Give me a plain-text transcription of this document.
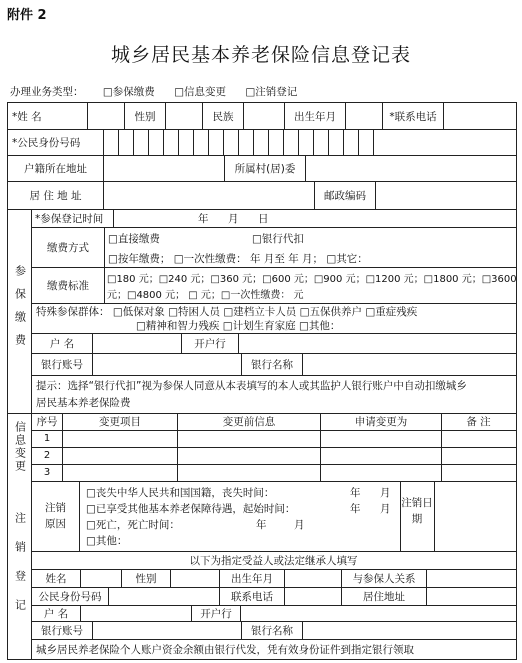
附件 2
城乡居民基本养老保险信息登记表
办理业务类型： □参保缴费 □信息变更 □注销登记
*姓 名	性别	民族	出生年月	*联系电话
*公民身份号码
户籍所在地址	所属村(居)委
居 住 地 址	邮政编码
参保缴费
*参保登记时间	年 月 日
缴费方式
□直接缴费	□银行代扣
□按年缴费； □一次性缴费： 年 月至 年 月； □其它：
缴费标准	□180 元；□240 元；□360 元；□600 元；□900 元；□1200 元；□1800 元；□3600
元；□4800 元； □ 元；□一次性缴费： 元
特殊参保群体： □低保对象 □特困人员 □建档立卡人员 □五保供养户 □重症残疾
□精神和智力残疾 □计划生育家庭 □其他：
户 名	开户行
银行账号	银行名称
提示：选择“银行代扣”视为参保人同意从本表填写的本人或其监护人银行账户中自动扣缴城乡
居民基本养老保险费
信息变更 序号	变更项目	变更前信息	申请变更为	备 注
1
2
3
注销登记
注销原因
□丧失中华人民共和国国籍，丧失时间：	年 月
□已享受其他基本养老保障待遇，起始时间：	年 月
□死亡，死亡时间：	年	月
□其他：
注销日期
以下为指定受益人或法定继承人填写
姓名	性别	出生年月	与参保人关系
公民身份号码	联系电话	居住地址
户 名	开户行
银行账号	银行名称
城乡居民养老保险个人账户资金余额由银行代发，凭有效身份证件到指定银行领取
